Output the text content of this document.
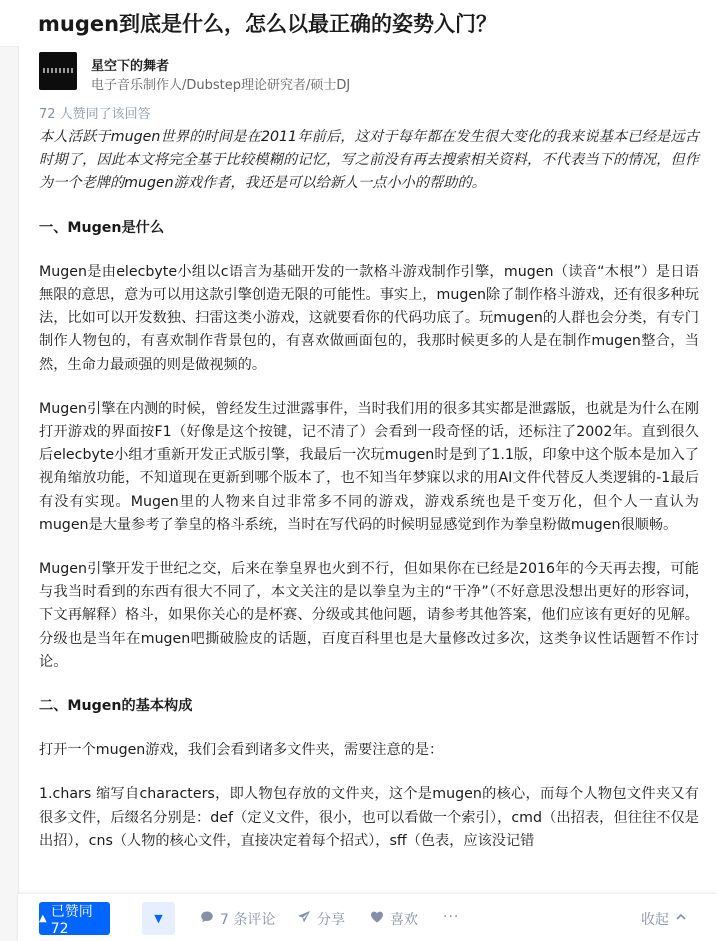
mugen到底是什么，怎么以最正确的姿势入门？
星空下的舞者
电子音乐制作人/Dubstep理论研究者/硕士DJ
72 人赞同了该回答

本人活跃于mugen世界的时间是在2011年前后，这对于每年都在发生很大变化的我来说基本已经是远古时期了，因此本文将完全基于比较模糊的记忆，写之前没有再去搜索相关资料，不代表当下的情况，但作为一个老牌的mugen游戏作者，我还是可以给新人一点小小的帮助的。

一、Mugen是什么

Mugen是由elecbyte小组以c语言为基础开发的一款格斗游戏制作引擎，mugen（读音“木根”）是日语無限的意思，意为可以用这款引擎创造无限的可能性。事实上，mugen除了制作格斗游戏，还有很多种玩法，比如可以开发数独、扫雷这类小游戏，这就要看你的代码功底了。玩mugen的人群也会分类，有专门制作人物包的，有喜欢制作背景包的，有喜欢做画面包的，我那时候更多的人是在制作mugen整合，当然，生命力最顽强的则是做视频的。

Mugen引擎在内测的时候，曾经发生过泄露事件，当时我们用的很多其实都是泄露版，也就是为什么在刚打开游戏的界面按F1（好像是这个按键，记不清了）会看到一段奇怪的话，还标注了2002年。直到很久后elecbyte小组才重新开发正式版引擎，我最后一次玩mugen时是到了1.1版，印象中这个版本是加入了视角缩放功能，不知道现在更新到哪个版本了，也不知当年梦寐以求的用AI文件代替反人类逻辑的-1最后有没有实现。Mugen里的人物来自过非常多不同的游戏，游戏系统也是千变万化，但个人一直认为mugen是大量参考了拳皇的格斗系统，当时在写代码的时候明显感觉到作为拳皇粉做mugen很顺畅。

Mugen引擎开发于世纪之交，后来在拳皇界也火到不行，但如果你在已经是2016年的今天再去搜，可能与我当时看到的东西有很大不同了，本文关注的是以拳皇为主的“干净”（不好意思没想出更好的形容词，下文再解释）格斗，如果你关心的是杯赛、分级或其他问题，请参考其他答案，他们应该有更好的见解。分级也是当年在mugen吧撕破脸皮的话题，百度百科里也是大量修改过多次，这类争议性话题暂不作讨论。

二、Mugen的基本构成

打开一个mugen游戏，我们会看到诸多文件夹，需要注意的是：

1.chars 缩写自characters，即人物包存放的文件夹，这个是mugen的核心，而每个人物包文件夹又有很多文件，后缀名分别是：def（定义文件，很小，也可以看做一个索引），cmd（出招表，但往往不仅是出招），cns（人物的核心文件，直接决定着每个招式），sff（色表，应该没记错

▲ 已赞同 72
▼	7 条评论	分享	喜欢 ···	收起
